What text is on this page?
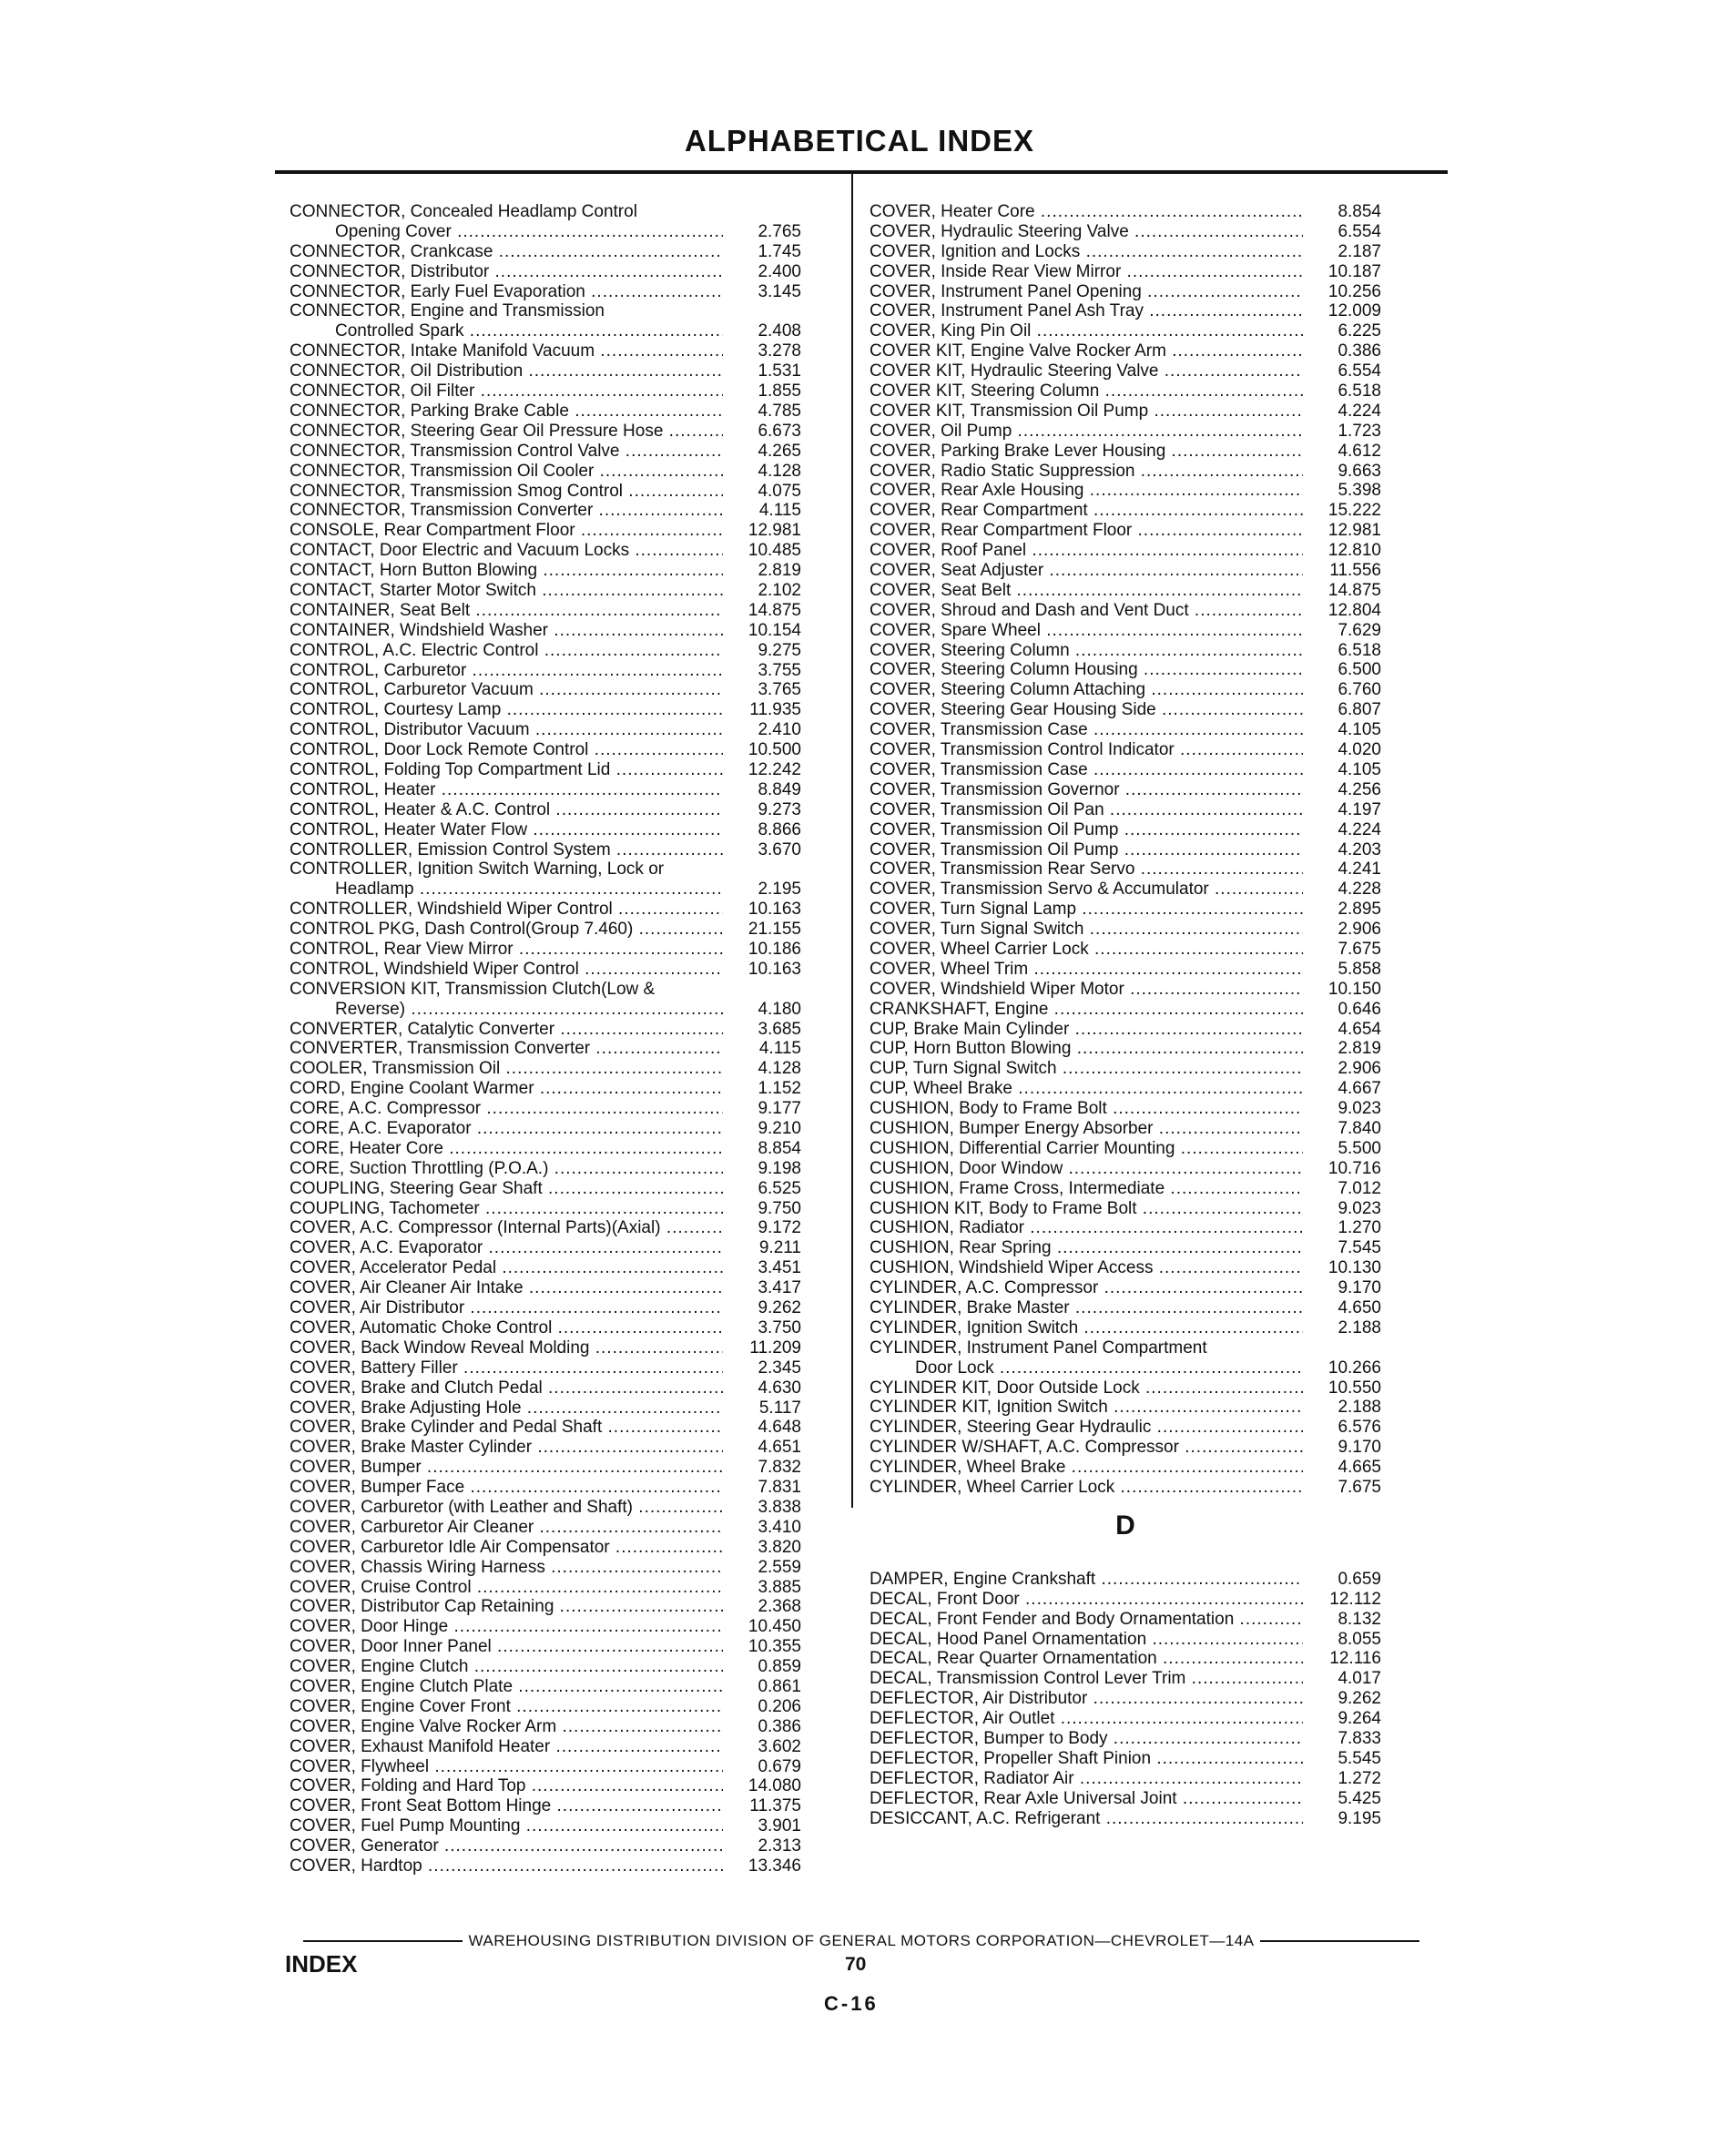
ALPHABETICAL INDEX
CONNECTOR, Concealed Headlamp Control
Opening Cover .....	2.765
CONNECTOR, Crankcase .....	1.745
CONNECTOR, Distributor .....	2.400
CONNECTOR, Early Fuel Evaporation .....	3.145
CONNECTOR, Engine and Transmission
Controlled Spark .....	2.408
CONNECTOR, Intake Manifold Vacuum .....	3.278
CONNECTOR, Oil Distribution .....	1.531
CONNECTOR, Oil Filter .....	1.855
CONNECTOR, Parking Brake Cable .....	4.785
CONNECTOR, Steering Gear Oil Pressure Hose .....	6.673
CONNECTOR, Transmission Control Valve .....	4.265
CONNECTOR, Transmission Oil Cooler .....	4.128
CONNECTOR, Transmission Smog Control .....	4.075
CONNECTOR, Transmission Converter .....	4.115
CONSOLE, Rear Compartment Floor .....	12.981
CONTACT, Door Electric and Vacuum Locks .....	10.485
CONTACT, Horn Button Blowing .....	2.819
CONTACT, Starter Motor Switch .....	2.102
CONTAINER, Seat Belt .....	14.875
CONTAINER, Windshield Washer .....	10.154
CONTROL, A.C. Electric Control .....	9.275
CONTROL, Carburetor .....	3.755
CONTROL, Carburetor Vacuum .....	3.765
CONTROL, Courtesy Lamp .....	11.935
CONTROL, Distributor Vacuum .....	2.410
CONTROL, Door Lock Remote Control .....	10.500
CONTROL, Folding Top Compartment Lid .....	12.242
CONTROL, Heater .....	8.849
CONTROL, Heater & A.C. Control .....	9.273
CONTROL, Heater Water Flow .....	8.866
CONTROLLER, Emission Control System .....	3.670
CONTROLLER, Ignition Switch Warning, Lock or
Headlamp .....	2.195
CONTROLLER, Windshield Wiper Control .....	10.163
CONTROL PKG, Dash Control(Group 7.460) .....	21.155
CONTROL, Rear View Mirror .....	10.186
CONTROL, Windshield Wiper Control .....	10.163
CONVERSION KIT, Transmission Clutch(Low &
Reverse) .....	4.180
CONVERTER, Catalytic Converter .....	3.685
CONVERTER, Transmission Converter .....	4.115
COOLER, Transmission Oil .....	4.128
CORD, Engine Coolant Warmer .....	1.152
CORE, A.C. Compressor .....	9.177
CORE, A.C. Evaporator .....	9.210
CORE, Heater Core .....	8.854
CORE, Suction Throttling (P.O.A.) .....	9.198
COUPLING, Steering Gear Shaft .....	6.525
COUPLING, Tachometer .....	9.750
COVER, A.C. Compressor (Internal Parts)(Axial) .....	9.172
COVER, A.C. Evaporator .....	9.211
COVER, Accelerator Pedal .....	3.451
COVER, Air Cleaner Air Intake .....	3.417
COVER, Air Distributor .....	9.262
COVER, Automatic Choke Control .....	3.750
COVER, Back Window Reveal Molding .....	11.209
COVER, Battery Filler .....	2.345
COVER, Brake and Clutch Pedal .....	4.630
COVER, Brake Adjusting Hole .....	5.117
COVER, Brake Cylinder and Pedal Shaft .....	4.648
COVER, Brake Master Cylinder .....	4.651
COVER, Bumper .....	7.832
COVER, Bumper Face .....	7.831
COVER, Carburetor (with Leather and Shaft) .....	3.838
COVER, Carburetor Air Cleaner .....	3.410
COVER, Carburetor Idle Air Compensator .....	3.820
COVER, Chassis Wiring Harness .....	2.559
COVER, Cruise Control .....	3.885
COVER, Distributor Cap Retaining .....	2.368
COVER, Door Hinge .....	10.450
COVER, Door Inner Panel .....	10.355
COVER, Engine Clutch .....	0.859
COVER, Engine Clutch Plate .....	0.861
COVER, Engine Cover Front .....	0.206
COVER, Engine Valve Rocker Arm .....	0.386
COVER, Exhaust Manifold Heater .....	3.602
COVER, Flywheel .....	0.679
COVER, Folding and Hard Top .....	14.080
COVER, Front Seat Bottom Hinge .....	11.375
COVER, Fuel Pump Mounting .....	3.901
COVER, Generator .....	2.313
COVER, Hardtop .....	13.346
COVER, Heater Core .....	8.854
COVER, Hydraulic Steering Valve .....	6.554
COVER, Ignition and Locks .....	2.187
COVER, Inside Rear View Mirror .....	10.187
COVER, Instrument Panel Opening .....	10.256
COVER, Instrument Panel Ash Tray .....	12.009
COVER, King Pin Oil .....	6.225
COVER KIT, Engine Valve Rocker Arm .....	0.386
COVER KIT, Hydraulic Steering Valve .....	6.554
COVER KIT, Steering Column .....	6.518
COVER KIT, Transmission Oil Pump .....	4.224
COVER, Oil Pump .....	1.723
COVER, Parking Brake Lever Housing .....	4.612
COVER, Radio Static Suppression .....	9.663
COVER, Rear Axle Housing .....	5.398
COVER, Rear Compartment .....	15.222
COVER, Rear Compartment Floor .....	12.981
COVER, Roof Panel .....	12.810
COVER, Seat Adjuster .....	11.556
COVER, Seat Belt .....	14.875
COVER, Shroud and Dash and Vent Duct .....	12.804
COVER, Spare Wheel .....	7.629
COVER, Steering Column .....	6.518
COVER, Steering Column Housing .....	6.500
COVER, Steering Column Attaching .....	6.760
COVER, Steering Gear Housing Side .....	6.807
COVER, Transmission Case .....	4.105
COVER, Transmission Control Indicator .....	4.020
COVER, Transmission Case .....	4.105
COVER, Transmission Governor .....	4.256
COVER, Transmission Oil Pan .....	4.197
COVER, Transmission Oil Pump .....	4.224
COVER, Transmission Oil Pump .....	4.203
COVER, Transmission Rear Servo .....	4.241
COVER, Transmission Servo & Accumulator .....	4.228
COVER, Turn Signal Lamp .....	2.895
COVER, Turn Signal Switch .....	2.906
COVER, Wheel Carrier Lock .....	7.675
COVER, Wheel Trim .....	5.858
COVER, Windshield Wiper Motor .....	10.150
CRANKSHAFT, Engine .....	0.646
CUP, Brake Main Cylinder .....	4.654
CUP, Horn Button Blowing .....	2.819
CUP, Turn Signal Switch .....	2.906
CUP, Wheel Brake .....	4.667
CUSHION, Body to Frame Bolt .....	9.023
CUSHION, Bumper Energy Absorber .....	7.840
CUSHION, Differential Carrier Mounting .....	5.500
CUSHION, Door Window .....	10.716
CUSHION, Frame Cross, Intermediate .....	7.012
CUSHION KIT, Body to Frame Bolt .....	9.023
CUSHION, Radiator .....	1.270
CUSHION, Rear Spring .....	7.545
CUSHION, Windshield Wiper Access .....	10.130
CYLINDER, A.C. Compressor .....	9.170
CYLINDER, Brake Master .....	4.650
CYLINDER, Ignition Switch .....	2.188
CYLINDER, Instrument Panel Compartment
Door Lock .....	10.266
CYLINDER KIT, Door Outside Lock .....	10.550
CYLINDER KIT, Ignition Switch .....	2.188
CYLINDER, Steering Gear Hydraulic .....	6.576
CYLINDER W/SHAFT, A.C. Compressor .....	9.170
CYLINDER, Wheel Brake .....	4.665
CYLINDER, Wheel Carrier Lock .....	7.675
D
DAMPER, Engine Crankshaft .....	0.659
DECAL, Front Door .....	12.112
DECAL, Front Fender and Body Ornamentation .....	8.132
DECAL, Hood Panel Ornamentation .....	8.055
DECAL, Rear Quarter Ornamentation .....	12.116
DECAL, Transmission Control Lever Trim .....	4.017
DEFLECTOR, Air Distributor .....	9.262
DEFLECTOR, Air Outlet .....	9.264
DEFLECTOR, Bumper to Body .....	7.833
DEFLECTOR, Propeller Shaft Pinion .....	5.545
DEFLECTOR, Radiator Air .....	1.272
DEFLECTOR, Rear Axle Universal Joint .....	5.425
DESICCANT, A.C. Refrigerant .....	9.195
WAREHOUSING DISTRIBUTION DIVISION OF GENERAL MOTORS CORPORATION—CHEVROLET—14A
INDEX	70
C-16
